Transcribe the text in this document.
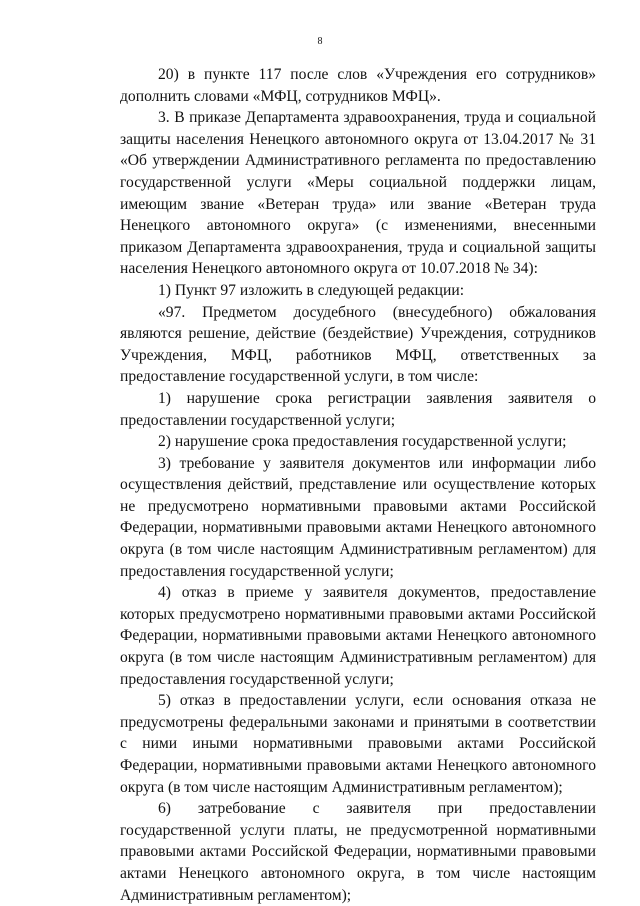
8

20) в пункте 117 после слов «Учреждения его сотрудников» дополнить словами «МФЦ, сотрудников МФЦ».

3. В приказе Департамента здравоохранения, труда и социальной защиты населения Ненецкого автономного округа от 13.04.2017 № 31 «Об утверждении Административного регламента по предоставлению государственной услуги «Меры социальной поддержки лицам, имеющим звание «Ветеран труда» или звание «Ветеран труда Ненецкого автономного округа» (с изменениями, внесенными приказом Департамента здравоохранения, труда и социальной защиты населения Ненецкого автономного округа от 10.07.2018 № 34):

1) Пункт 97 изложить в следующей редакции:

«97. Предметом досудебного (внесудебного) обжалования являются решение, действие (бездействие) Учреждения, сотрудников Учреждения, МФЦ, работников МФЦ, ответственных за предоставление государственной услуги, в том числе:

1) нарушение срока регистрации заявления заявителя о предоставлении государственной услуги;

2) нарушение срока предоставления государственной услуги;

3) требование у заявителя документов или информации либо осуществления действий, представление или осуществление которых не предусмотрено нормативными правовыми актами Российской Федерации, нормативными правовыми актами Ненецкого автономного округа (в том числе настоящим Административным регламентом) для предоставления государственной услуги;

4) отказ в приеме у заявителя документов, предоставление которых предусмотрено нормативными правовыми актами Российской Федерации, нормативными правовыми актами Ненецкого автономного округа (в том числе настоящим Административным регламентом) для предоставления государственной услуги;

5) отказ в предоставлении услуги, если основания отказа не предусмотрены федеральными законами и принятыми в соответствии с ними иными нормативными правовыми актами Российской Федерации, нормативными правовыми актами Ненецкого автономного округа (в том числе настоящим Административным регламентом);

6) затребование с заявителя при предоставлении государственной услуги платы, не предусмотренной нормативными правовыми актами Российской Федерации, нормативными правовыми актами Ненецкого автономного округа, в том числе настоящим Административным регламентом);
